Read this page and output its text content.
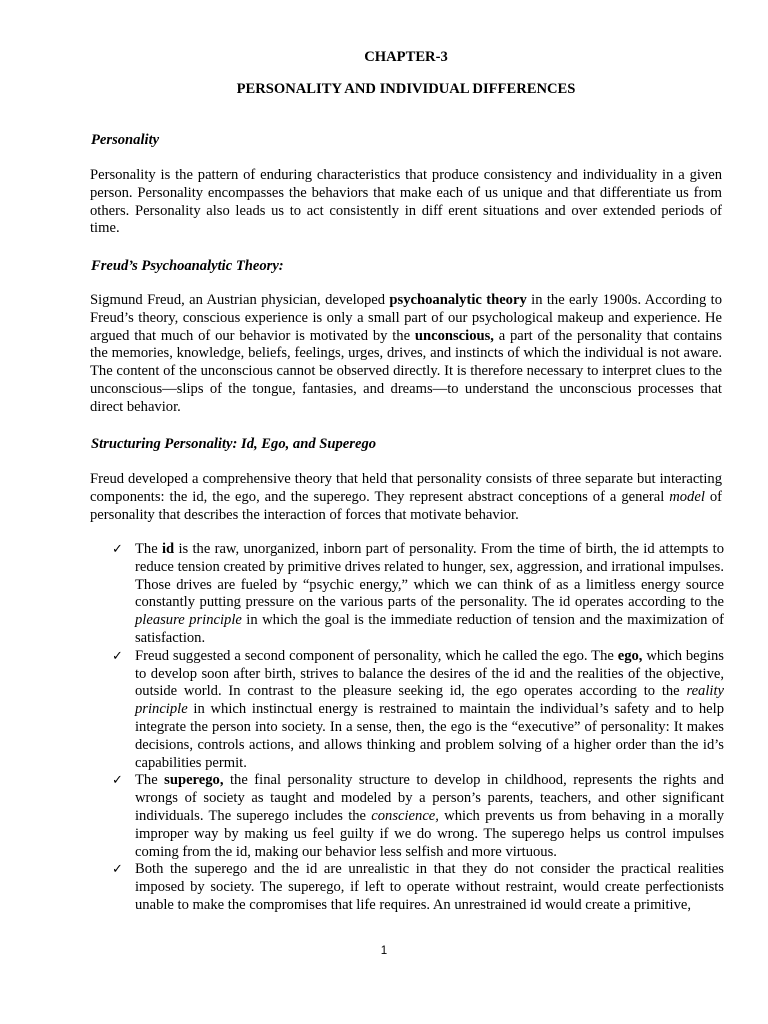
CHAPTER-3
PERSONALITY AND INDIVIDUAL DIFFERENCES
Personality

Personality is the pattern of enduring characteristics that produce consistency and individuality in a given person. Personality encompasses the behaviors that make each of us unique and that differentiate us from others. Personality also leads us to act consistently in diff erent situations and over extended periods of time.

Freud’s Psychoanalytic Theory:

Sigmund Freud, an Austrian physician, developed psychoanalytic theory in the early 1900s. According to Freud’s theory, conscious experience is only a small part of our psychological makeup and experience. He argued that much of our behavior is motivated by the unconscious, a part of the personality that contains the memories, knowledge, beliefs, feelings, urges, drives, and instincts of which the individual is not aware. The content of the unconscious cannot be observed directly. It is therefore necessary to interpret clues to the unconscious—slips of the tongue, fantasies, and dreams—to understand the unconscious processes that direct behavior.

Structuring Personality: Id, Ego, and Superego

Freud developed a comprehensive theory that held that personality consists of three separate but interacting components: the id, the ego, and the superego. They represent abstract conceptions of a general model of personality that describes the interaction of forces that motivate behavior.

✓ The id is the raw, unorganized, inborn part of personality. From the time of birth, the id attempts to reduce tension created by primitive drives related to hunger, sex, aggression, and irrational impulses. Those drives are fueled by “psychic energy,” which we can think of as a limitless energy source constantly putting pressure on the various parts of the personality. The id operates according to the pleasure principle in which the goal is the immediate reduction of tension and the maximization of satisfaction.
✓ Freud suggested a second component of personality, which he called the ego. The ego, which begins to develop soon after birth, strives to balance the desires of the id and the realities of the objective, outside world. In contrast to the pleasure seeking id, the ego operates according to the reality principle in which instinctual energy is restrained to maintain the individual’s safety and to help integrate the person into society. In a sense, then, the ego is the “executive” of personality: It makes decisions, controls actions, and allows thinking and problem solving of a higher order than the id’s capabilities permit.
✓ The superego, the final personality structure to develop in childhood, represents the rights and wrongs of society as taught and modeled by a person’s parents, teachers, and other significant individuals. The superego includes the conscience, which prevents us from behaving in a morally improper way by making us feel guilty if we do wrong. The superego helps us control impulses coming from the id, making our behavior less selfish and more virtuous.
✓ Both the superego and the id are unrealistic in that they do not consider the practical realities imposed by society. The superego, if left to operate without restraint, would create perfectionists unable to make the compromises that life requires. An unrestrained id would create a primitive,
1
